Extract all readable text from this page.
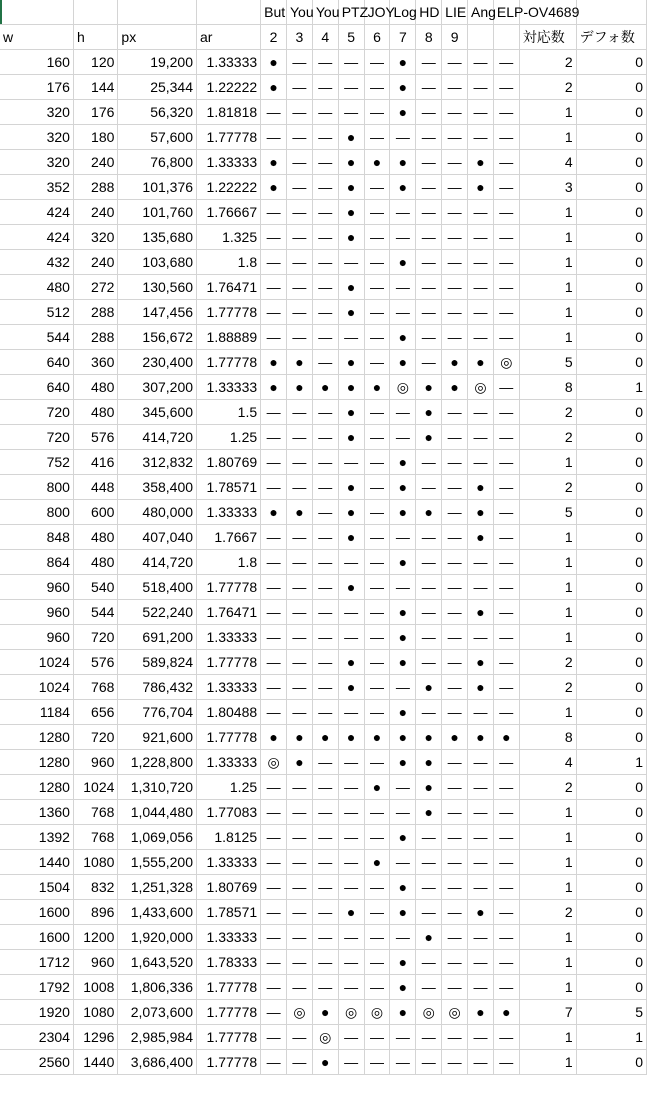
				But	You	You	PTZ	JOY	Log	HD	LIE	Ang	ELP-OV4689		
w	h	px	ar	2	3	4	5	6	7	8	9			対応数	デフォ数
160	120	19,200	1.33333	●	—	—	—	—	●	—	—	—	—	2	0
176	144	25,344	1.22222	●	—	—	—	—	●	—	—	—	—	2	0
320	176	56,320	1.81818	—	—	—	—	—	●	—	—	—	—	1	0
320	180	57,600	1.77778	—	—	—	●	—	—	—	—	—	—	1	0
320	240	76,800	1.33333	●	—	—	●	●	●	—	—	●	—	4	0
352	288	101,376	1.22222	●	—	—	●	—	●	—	—	●	—	3	0
424	240	101,760	1.76667	—	—	—	●	—	—	—	—	—	—	1	0
424	320	135,680	1.325	—	—	—	●	—	—	—	—	—	—	1	0
432	240	103,680	1.8	—	—	—	—	—	●	—	—	—	—	1	0
480	272	130,560	1.76471	—	—	—	●	—	—	—	—	—	—	1	0
512	288	147,456	1.77778	—	—	—	●	—	—	—	—	—	—	1	0
544	288	156,672	1.88889	—	—	—	—	—	●	—	—	—	—	1	0
640	360	230,400	1.77778	●	●	—	●	—	●	—	●	●	◎	5	0
640	480	307,200	1.33333	●	●	●	●	●	◎	●	●	◎	—	8	1
720	480	345,600	1.5	—	—	—	●	—	—	●	—	—	—	2	0
720	576	414,720	1.25	—	—	—	●	—	—	●	—	—	—	2	0
752	416	312,832	1.80769	—	—	—	—	—	●	—	—	—	—	1	0
800	448	358,400	1.78571	—	—	—	●	—	●	—	—	●	—	2	0
800	600	480,000	1.33333	●	●	—	●	—	●	●	—	●	—	5	0
848	480	407,040	1.7667	—	—	—	●	—	—	—	—	●	—	1	0
864	480	414,720	1.8	—	—	—	—	—	●	—	—	—	—	1	0
960	540	518,400	1.77778	—	—	—	●	—	—	—	—	—	—	1	0
960	544	522,240	1.76471	—	—	—	—	—	●	—	—	●	—	1	0
960	720	691,200	1.33333	—	—	—	—	—	●	—	—	—	—	1	0
1024	576	589,824	1.77778	—	—	—	●	—	●	—	—	●	—	2	0
1024	768	786,432	1.33333	—	—	—	●	—	—	●	—	●	—	2	0
1184	656	776,704	1.80488	—	—	—	—	—	●	—	—	—	—	1	0
1280	720	921,600	1.77778	●	●	●	●	●	●	●	●	●	●	8	0
1280	960	1,228,800	1.33333	◎	●	—	—	—	●	●	—	—	—	4	1
1280	1024	1,310,720	1.25	—	—	—	—	●	—	●	—	—	—	2	0
1360	768	1,044,480	1.77083	—	—	—	—	—	—	●	—	—	—	1	0
1392	768	1,069,056	1.8125	—	—	—	—	—	●	—	—	—	—	1	0
1440	1080	1,555,200	1.33333	—	—	—	—	●	—	—	—	—	—	1	0
1504	832	1,251,328	1.80769	—	—	—	—	—	●	—	—	—	—	1	0
1600	896	1,433,600	1.78571	—	—	—	●	—	●	—	—	●	—	2	0
1600	1200	1,920,000	1.33333	—	—	—	—	—	—	●	—	—	—	1	0
1712	960	1,643,520	1.78333	—	—	—	—	—	●	—	—	—	—	1	0
1792	1008	1,806,336	1.77778	—	—	—	—	—	●	—	—	—	—	1	0
1920	1080	2,073,600	1.77778	—	◎	●	◎	◎	●	◎	◎	●	●	7	5
2304	1296	2,985,984	1.77778	—	—	◎	—	—	—	—	—	—	—	1	1
2560	1440	3,686,400	1.77778	—	—	●	—	—	—	—	—	—	—	1	0
